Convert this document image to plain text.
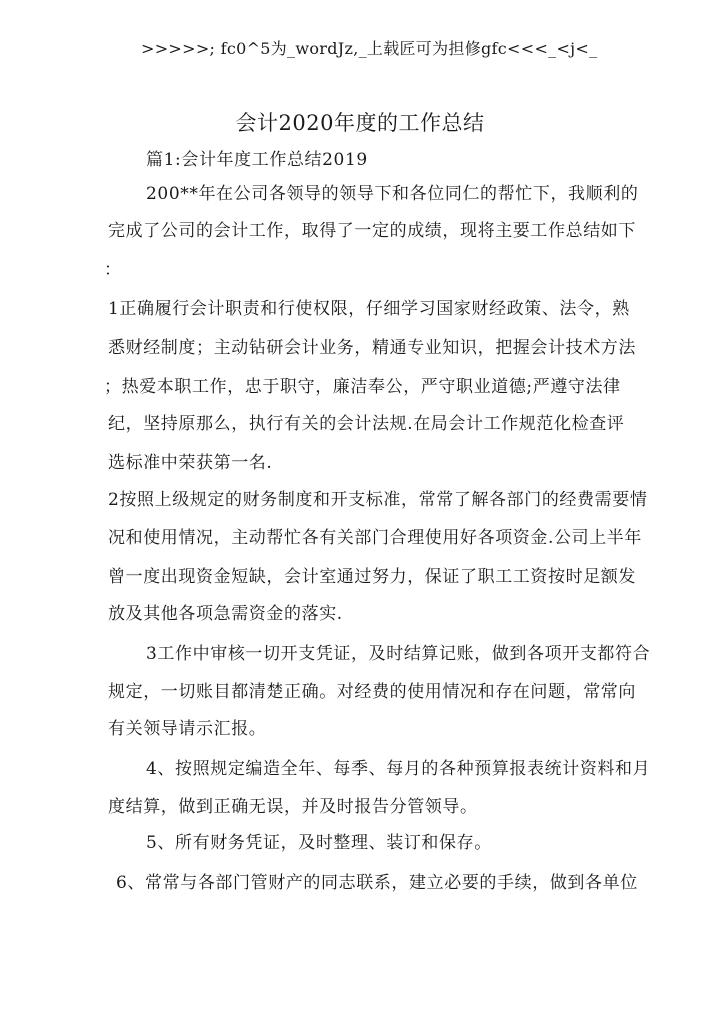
>>>>>; fc0^5为_wordJz,_上载匠可为担修gfc<<<_<j<_
会计2020年度的工作总结
篇1:会计年度工作总结2019
200**年在公司各领导的领导下和各位同仁的帮忙下，我顺利的
完成了公司的会计工作，取得了一定的成绩，现将主要工作总结如下
：
1正确履行会计职责和行使权限，仔细学习国家财经政策、法令，熟
悉财经制度；主动钻研会计业务，精通专业知识，把握会计技术方法
；热爱本职工作，忠于职守，廉洁奉公，严守职业道德;严遵守法律
纪，坚持原那么，执行有关的会计法规.在局会计工作规范化检查评
选标准中荣获第一名.
2按照上级规定的财务制度和开支标准，常常了解各部门的经费需要情
况和使用情况，主动帮忙各有关部门合理使用好各项资金.公司上半年
曾一度出现资金短缺，会计室通过努力，保证了职工工资按时足额发
放及其他各项急需资金的落实.
3工作中审核一切开支凭证，及时结算记账，做到各项开支都符合
规定，一切账目都清楚正确。对经费的使用情况和存在问题，常常向
有关领导请示汇报。
4、按照规定编造全年、每季、每月的各种预算报表统计资料和月
度结算，做到正确无误，并及时报告分管领导。
5、所有财务凭证，及时整理、装订和保存。
6、常常与各部门管财产的同志联系，建立必要的手续，做到各单位
